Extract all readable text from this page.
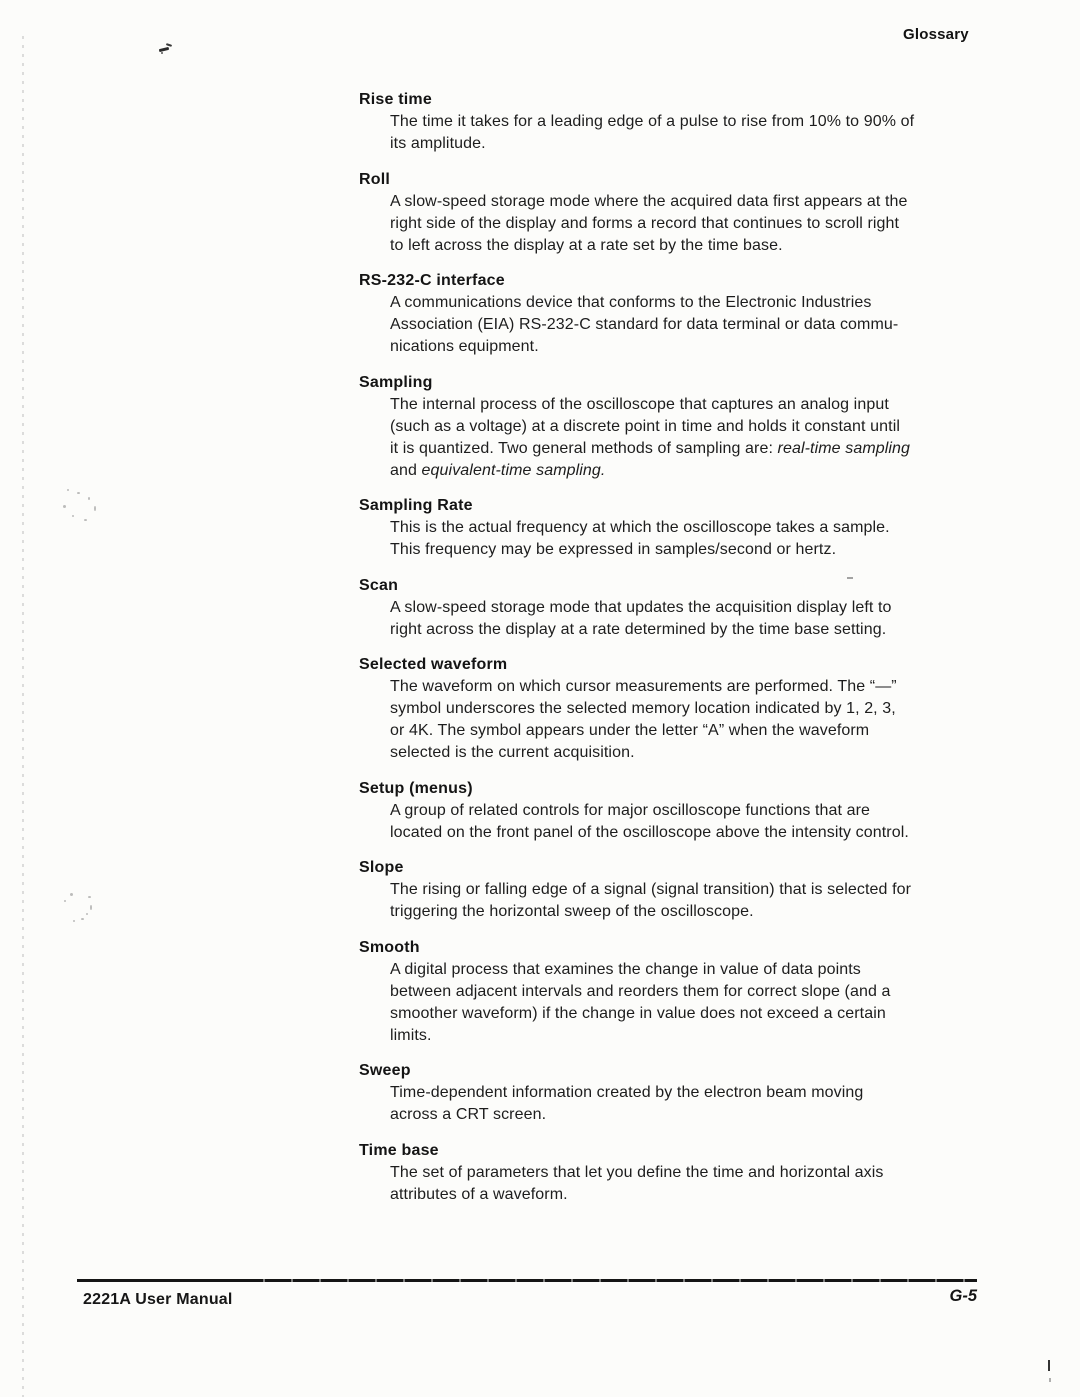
Glossary
Rise time
The time it takes for a leading edge of a pulse to rise from 10% to 90% of
its amplitude.
Roll
A slow-speed storage mode where the acquired data first appears at the
right side of the display and forms a record that continues to scroll right
to left across the display at a rate set by the time base.
RS-232-C interface
A communications device that conforms to the Electronic Industries
Association (EIA) RS-232-C standard for data terminal or data commu-
nications equipment.
Sampling
The internal process of the oscilloscope that captures an analog input
(such as a voltage) at a discrete point in time and holds it constant until
it is quantized. Two general methods of sampling are: real-time sampling
and equivalent-time sampling.
Sampling Rate
This is the actual frequency at which the oscilloscope takes a sample.
This frequency may be expressed in samples/second or hertz.
Scan
A slow-speed storage mode that updates the acquisition display left to
right across the display at a rate determined by the time base setting.
Selected waveform
The waveform on which cursor measurements are performed. The “—”
symbol underscores the selected memory location indicated by 1, 2, 3,
or 4K. The symbol appears under the letter “A” when the waveform
selected is the current acquisition.
Setup (menus)
A group of related controls for major oscilloscope functions that are
located on the front panel of the oscilloscope above the intensity control.
Slope
The rising or falling edge of a signal (signal transition) that is selected for
triggering the horizontal sweep of the oscilloscope.
Smooth
A digital process that examines the change in value of data points
between adjacent intervals and reorders them for correct slope (and a
smoother waveform) if the change in value does not exceed a certain
limits.
Sweep
Time-dependent information created by the electron beam moving
across a CRT screen.
Time base
The set of parameters that let you define the time and horizontal axis
attributes of a waveform.
2221A User Manual	G-5
